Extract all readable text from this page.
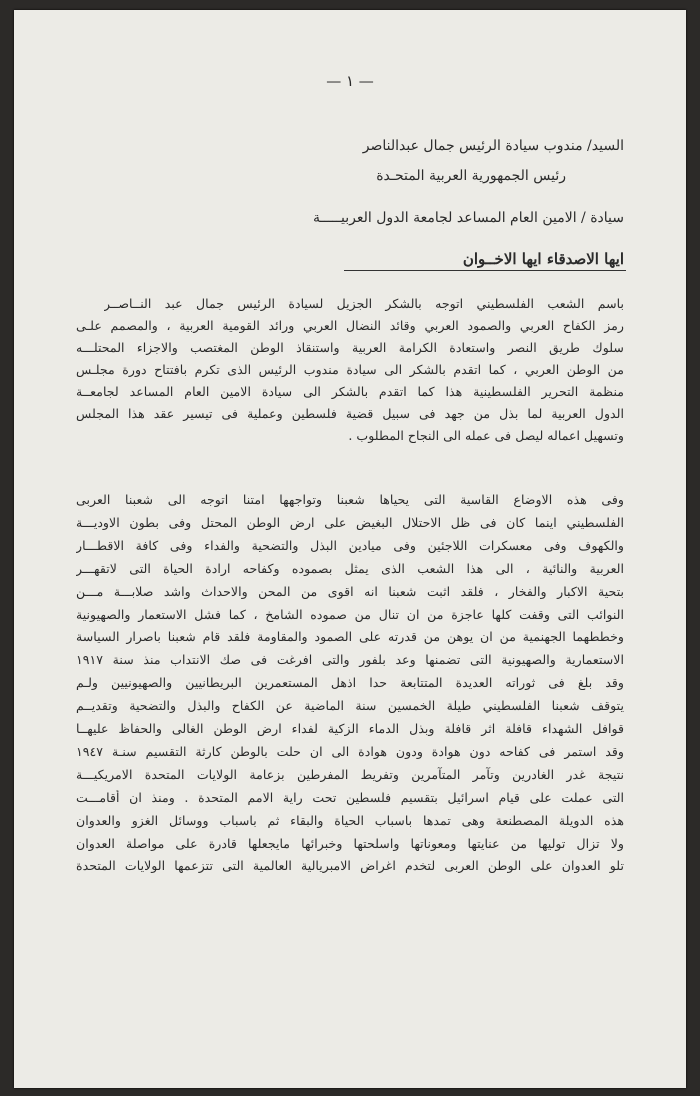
— ١ —
السيد/ مندوب سيادة الرئيس جمال عبدالناصر
رئيس الجمهورية العربية المتحـدة
سيادة / الامين العام المساعد لجامعة الدول العربيـــــة
ايها الاصدقاء ايها الاخــوان
باسم الشعب الفلسطيني اتوجه بالشكر الجزيل لسيادة الرئيس جمال عبد النــاصــر
رمز الكفاح العربي والصمود العربي وقائد النضال العربي ورائد القومية العربية ، والمصمم علـى
سلوك طريق النصر واستعادة الكرامة العربية واستنقاذ الوطن المغتصب والاجزاء المحتلـــه
من الوطن العربي ، كما اتقدم بالشكر الى سيادة مندوب الرئيس الذى تكرم بافتتاح دورة مجلـس
منظمة التحرير الفلسطينية هذا كما اتقدم بالشكر الى سيادة الامين العام المساعد لجامعــة
الدول العربية لما بذل من جهد فى سبيل قضية فلسطين وعملية فى تيسير عقد هذا المجلس
وتسهيل اعماله ليصل فى عمله الى النجاح المطلوب .
وفى هذه الاوضاع القاسية التى يحياها شعبنا وتواجهها امتنا اتوجه الى شعبنا العربى
الفلسطيني اينما كان فى ظل الاحتلال البغيض على ارض الوطن المحتل وفى بطون الاوديـــة
والكهوف وفى معسكرات اللاجئين وفى ميادين البذل والتضحية والفداء وفى كافة الاقطـــار
العربية والنائية ، الى هذا الشعب الذى يمثل بصموده وكفاحه ارادة الحياة التى لاتقهـــر
بتحية الاكبار والفخار ، فلقد اثبت شعبنا انه اقوى من المحن والاحداث واشد صلابـــة مـــن
النوائب التى وقفت كلها عاجزة من ان تنال من صموده الشامخ ، كما فشل الاستعمار والصهيونية
وخططهما الجهنمية من ان يوهن من قدرته على الصمود والمقاومة فلقد قام شعبنا باصرار السياسة
الاستعمارية والصهيونية التى تضمنها وعد بلفور والتى افرغت فى صك الانتداب منذ سنة ١٩١٧
وقد بلغ فى ثوراته العديدة المتتابعة حدا اذهل المستعمرين البريطانيين والصهيونيين ولـم
يتوقف شعبنا الفلسطيني طيلة الخمسين سنة الماضية عن الكفاح والبذل والتضحية وتقديــم
قوافل الشهداء قافلة اثر قافلة وبذل الدماء الزكية لفداء ارض الوطن الغالى والحفاظ عليهــا
وقد استمر فى كفاحه دون هوادة ودون هوادة الى ان حلت بالوطن كارثة التقسيم سنـة ١٩٤٧
نتيجة غدر الغادرين وتآمر المتآمرين وتفريط المفرطين بزعامة الولايات المتحدة الامريكيـــة
التى عملت على قيام اسرائيل بتقسيم فلسطين تحت راية الامم المتحدة . ومنذ ان أقامـــت
هذه الدويلة المصطنعة وهى تمدها باسباب الحياة والبقاء ثم باسباب ووسائل الغزو والعدوان
ولا تزال توليها من عنايتها ومعوناتها واسلحتها وخبرائها مايجعلها قادرة على مواصلة العدوان
تلو العدوان على الوطن العربى لتخدم اغراض الامبريالية العالمية التى تتزعمها الولايات المتحدة
